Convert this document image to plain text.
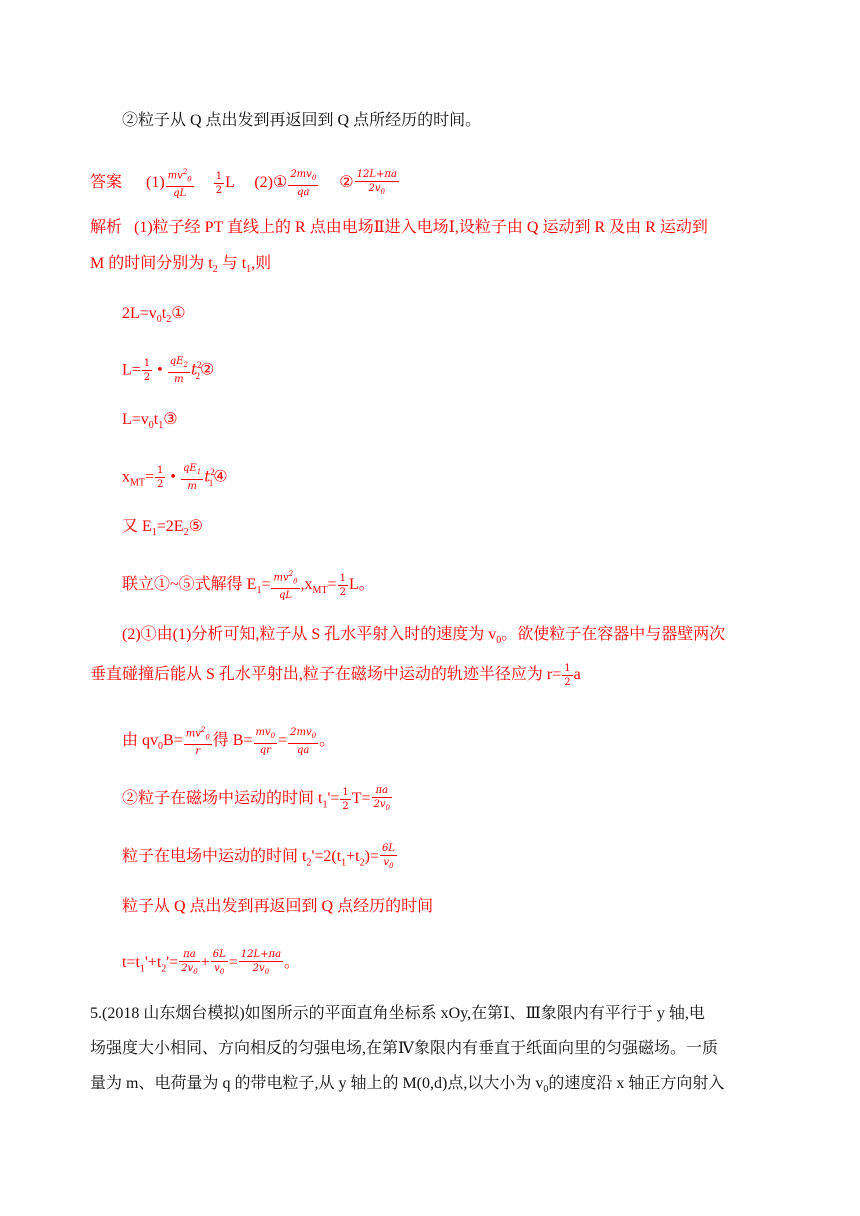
②粒子从 Q 点出发到再返回到 Q 点所经历的时间。
答案 $(1) \frac{mv^2_0}{qL}$
$\frac{1}{2}$ L (2)① $\frac{2mv_0}{qa}$ ② $\frac{12L+\pi a}{2v_0}$
解析 (1)粒子经 PT 直线上的 R 点由电场Ⅱ进入电场Ⅰ,设粒子由 Q 运动到 R 及由 R 运动到
M 的时间分别为 $t_2$ 与 $t_1$,则
$2L=v_0t_2①$
$L= \frac{1}{2}$ • $\frac{qE_2}{m}$ $t^2_2②$
$L=v_0t_1③$
$x_{MT}= \frac{1}{2}$ • $\frac{qE_1}{m}$ $t^2_1④$
又 $E_1=2E_2⑤$
联立①~⑤式解得 $E_1= \frac{mv^2_0}{qL} ,x_{MT}= \frac{1}{2}$ L。
(2)①由(1)分析可知,粒子从 S 孔水平射入时的速度为 $v_0$。欲使粒子在容器中与器壁两次
垂直碰撞后能从 S 孔水平射出,粒子在磁场中运动的轨迹半径应为 $r= \frac{1}{2}$ a
由 $qv_0B= \frac{mv^2_0}{r}$ 得 $B= \frac{mv_0}{qr} = \frac{2mv_0}{qa}$ 。
②粒子在磁场中运动的时间 $t_1'= \frac{1}{2} T= \frac{\pi a}{2v_0}$
粒子在电场中运动的时间 $t_2'=2(t_1+t_2)= \frac{6L}{v_0}$
粒子从 Q 点出发到再返回到 Q 点经历的时间
$t=t_1'+t_2'= \frac{\pi a}{2v_0} + \frac{6L}{v_0} = \frac{12L+\pi a}{2v_0}$ 。
5.(2018 山东烟台模拟)如图所示的平面直角坐标系 xOy,在第Ⅰ、Ⅲ象限内有平行于 y 轴,电
场强度大小相同、方向相反的匀强电场,在第Ⅳ象限内有垂直于纸面向里的匀强磁场。一质
量为 m、电荷量为 q 的带电粒子,从 y 轴上的 M(0,d)点,以大小为 $v_0$的速度沿 x 轴正方向射入
